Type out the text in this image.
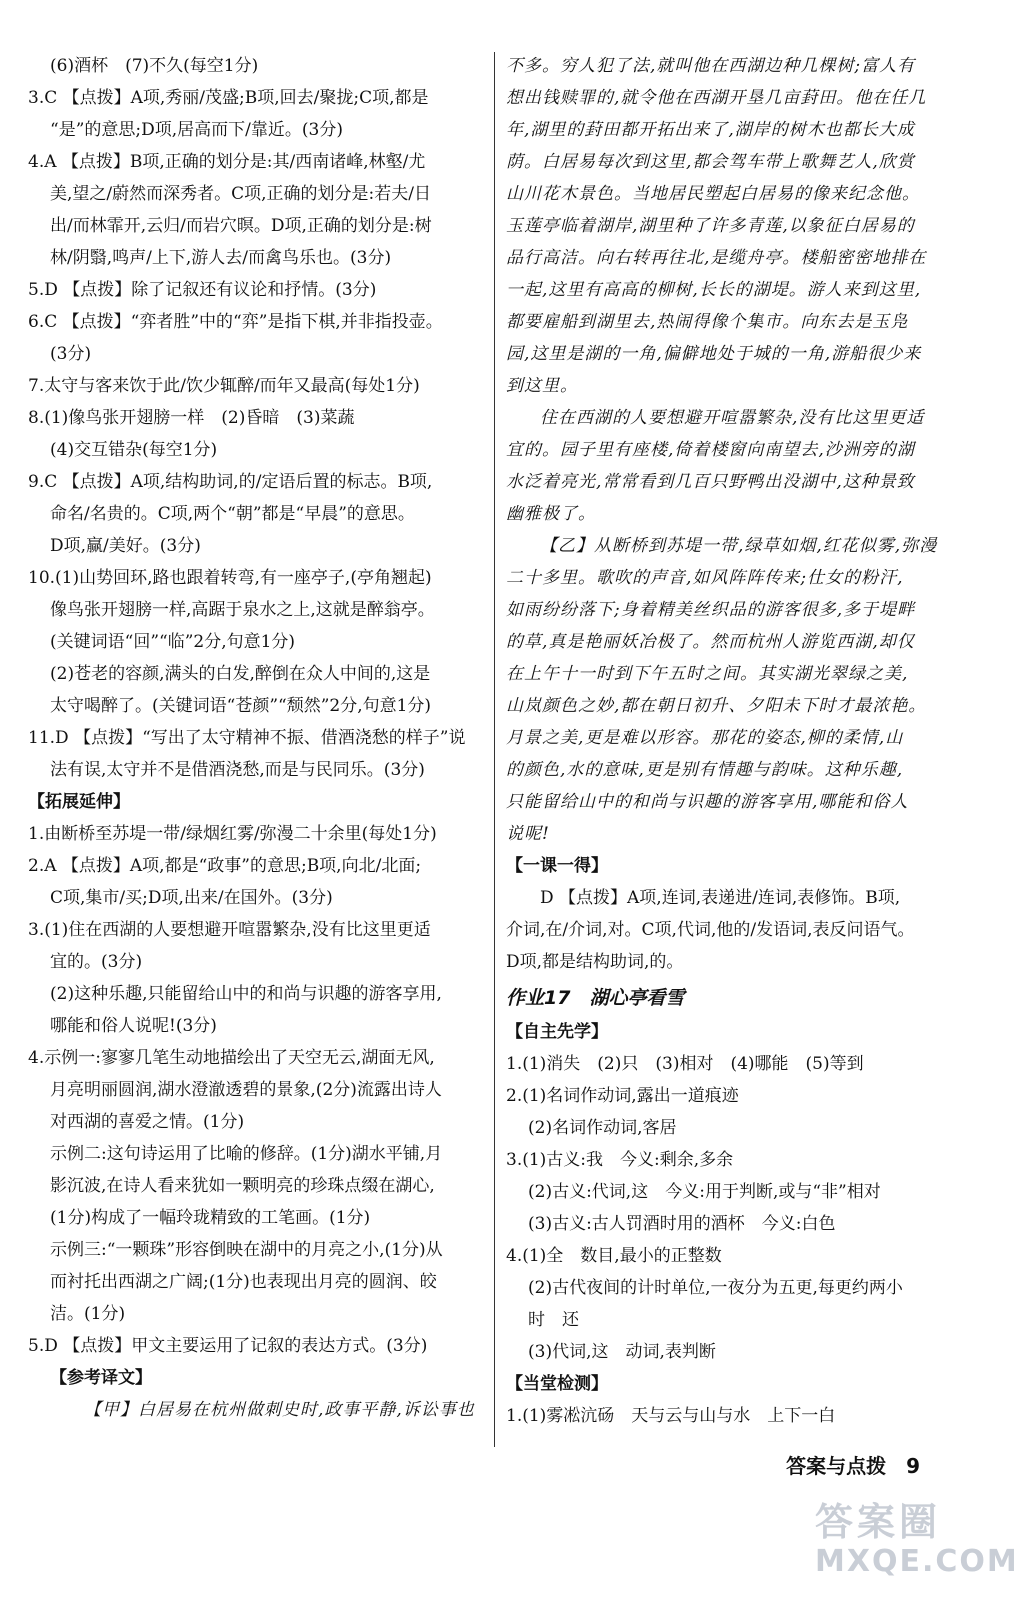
(6)酒杯　(7)不久(每空1分)

3.C 【点拨】A项,秀丽/茂盛;B项,回去/聚拢;C项,都是

“是”的意思;D项,居高而下/靠近。(3分)

4.A 【点拨】B项,正确的划分是:其/西南诸峰,林壑/尤

美,望之/蔚然而深秀者。C项,正确的划分是:若夫/日

出/而林霏开,云归/而岩穴暝。D项,正确的划分是:树

林/阴翳,鸣声/上下,游人去/而禽鸟乐也。(3分)

5.D 【点拨】除了记叙还有议论和抒情。(3分)

6.C 【点拨】“弈者胜”中的“弈”是指下棋,并非指投壶。

(3分)

7.太守与客来饮于此/饮少辄醉/而年又最高(每处1分)

8.(1)像鸟张开翅膀一样　(2)昏暗　(3)菜蔬

(4)交互错杂(每空1分)

9.C 【点拨】A项,结构助词,的/定语后置的标志。B项,

命名/名贵的。C项,两个“朝”都是“早晨”的意思。

D项,赢/美好。(3分)

10.(1)山势回环,路也跟着转弯,有一座亭子,(亭角翘起)

像鸟张开翅膀一样,高踞于泉水之上,这就是醉翁亭。

(关键词语“回”“临”2分,句意1分)

(2)苍老的容颜,满头的白发,醉倒在众人中间的,这是

太守喝醉了。(关键词语“苍颜”“颓然”2分,句意1分)

11.D 【点拨】“写出了太守精神不振、借酒浇愁的样子”说

法有误,太守并不是借酒浇愁,而是与民同乐。(3分)

【拓展延伸】

1.由断桥至苏堤一带/绿烟红雾/弥漫二十余里(每处1分)

2.A 【点拨】A项,都是“政事”的意思;B项,向北/北面;

C项,集市/买;D项,出来/在国外。(3分)

3.(1)住在西湖的人要想避开喧嚣繁杂,没有比这里更适

宜的。(3分)

(2)这种乐趣,只能留给山中的和尚与识趣的游客享用,

哪能和俗人说呢!(3分)

4.示例一:寥寥几笔生动地描绘出了天空无云,湖面无风,

月亮明丽圆润,湖水澄澈透碧的景象,(2分)流露出诗人

对西湖的喜爱之情。(1分)

示例二:这句诗运用了比喻的修辞。(1分)湖水平铺,月

影沉波,在诗人看来犹如一颗明亮的珍珠点缀在湖心,

(1分)构成了一幅玲珑精致的工笔画。(1分)

示例三:“一颗珠”形容倒映在湖中的月亮之小,(1分)从

而衬托出西湖之广阔;(1分)也表现出月亮的圆润、皎

洁。(1分)

5.D 【点拨】甲文主要运用了记叙的表达方式。(3分)

【参考译文】

【甲】白居易在杭州做刺史时,政事平静,诉讼事也

不多。穷人犯了法,就叫他在西湖边种几棵树;富人有

想出钱赎罪的,就令他在西湖开垦几亩葑田。他在任几

年,湖里的葑田都开拓出来了,湖岸的树木也都长大成

荫。白居易每次到这里,都会驾车带上歌舞艺人,欣赏

山川花木景色。当地居民塑起白居易的像来纪念他。

玉莲亭临着湖岸,湖里种了许多青莲,以象征白居易的

品行高洁。向右转再往北,是缆舟亭。楼船密密地排在

一起,这里有高高的柳树,长长的湖堤。游人来到这里,

都要雇船到湖里去,热闹得像个集市。向东去是玉凫

园,这里是湖的一角,偏僻地处于城的一角,游船很少来

到这里。

住在西湖的人要想避开喧嚣繁杂,没有比这里更适

宜的。园子里有座楼,倚着楼窗向南望去,沙洲旁的湖

水泛着亮光,常常看到几百只野鸭出没湖中,这种景致

幽雅极了。

【乙】从断桥到苏堤一带,绿草如烟,红花似雾,弥漫

二十多里。歌吹的声音,如风阵阵传来;仕女的粉汗,

如雨纷纷落下;身着精美丝织品的游客很多,多于堤畔

的草,真是艳丽妖冶极了。然而杭州人游览西湖,却仅

在上午十一时到下午五时之间。其实湖光翠绿之美,

山岚颜色之妙,都在朝日初升、夕阳未下时才最浓艳。

月景之美,更是难以形容。那花的姿态,柳的柔情,山

的颜色,水的意味,更是别有情趣与韵味。这种乐趣,

只能留给山中的和尚与识趣的游客享用,哪能和俗人

说呢!

【一课一得】

D 【点拨】A项,连词,表递进/连词,表修饰。B项,

介词,在/介词,对。C项,代词,他的/发语词,表反问语气。

D项,都是结构助词,的。

作业17　湖心亭看雪

【自主先学】

1.(1)消失　(2)只　(3)相对　(4)哪能　(5)等到

2.(1)名词作动词,露出一道痕迹

(2)名词作动词,客居

3.(1)古义:我　今义:剩余,多余

(2)古义:代词,这　今义:用于判断,或与“非”相对

(3)古义:古人罚酒时用的酒杯　今义:白色

4.(1)全　数目,最小的正整数

(2)古代夜间的计时单位,一夜分为五更,每更约两小

时　还

(3)代词,这　动词,表判断

【当堂检测】

1.(1)雾凇沆砀　天与云与山与水　上下一白

答案与点拨　9
答案圈
MXQE.COM
